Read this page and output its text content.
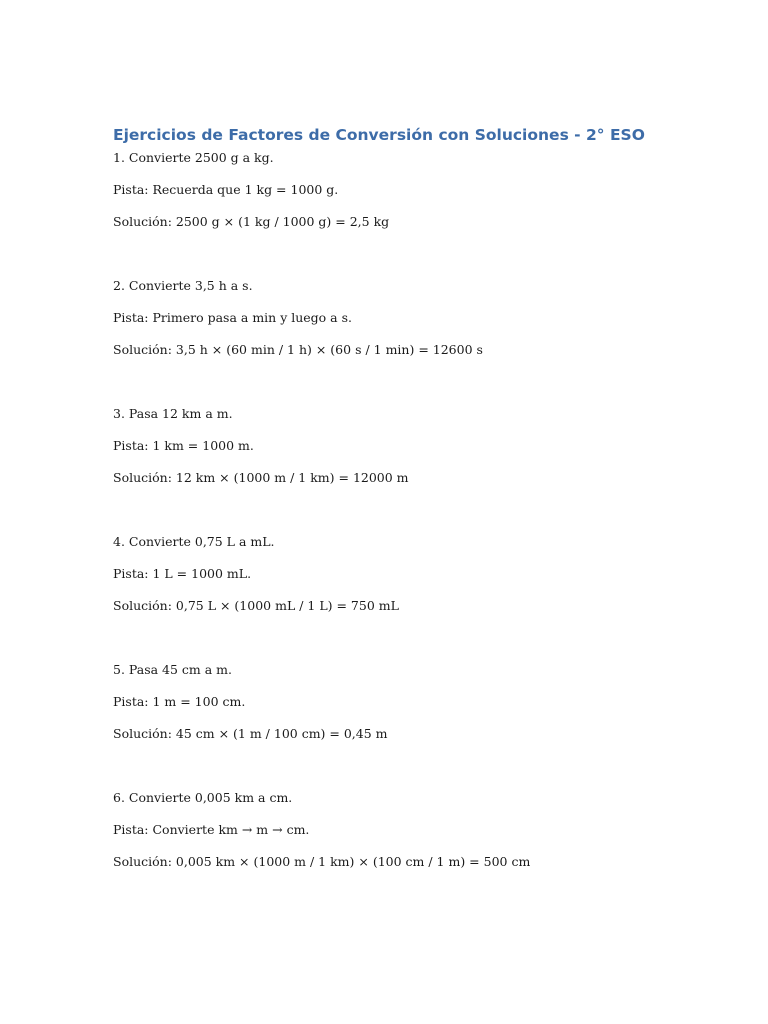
Ejercicios de Factores de Conversión con Soluciones - 2° ESO

1. Convierte 2500 g a kg.

Pista: Recuerda que 1 kg = 1000 g.

Solución: 2500 g × (1 kg / 1000 g) = 2,5 kg

2. Convierte 3,5 h a s.

Pista: Primero pasa a min y luego a s.

Solución: 3,5 h × (60 min / 1 h) × (60 s / 1 min) = 12600 s

3. Pasa 12 km a m.

Pista: 1 km = 1000 m.

Solución: 12 km × (1000 m / 1 km) = 12000 m

4. Convierte 0,75 L a mL.

Pista: 1 L = 1000 mL.

Solución: 0,75 L × (1000 mL / 1 L) = 750 mL

5. Pasa 45 cm a m.

Pista: 1 m = 100 cm.

Solución: 45 cm × (1 m / 100 cm) = 0,45 m

6. Convierte 0,005 km a cm.

Pista: Convierte km → m → cm.

Solución: 0,005 km × (1000 m / 1 km) × (100 cm / 1 m) = 500 cm
